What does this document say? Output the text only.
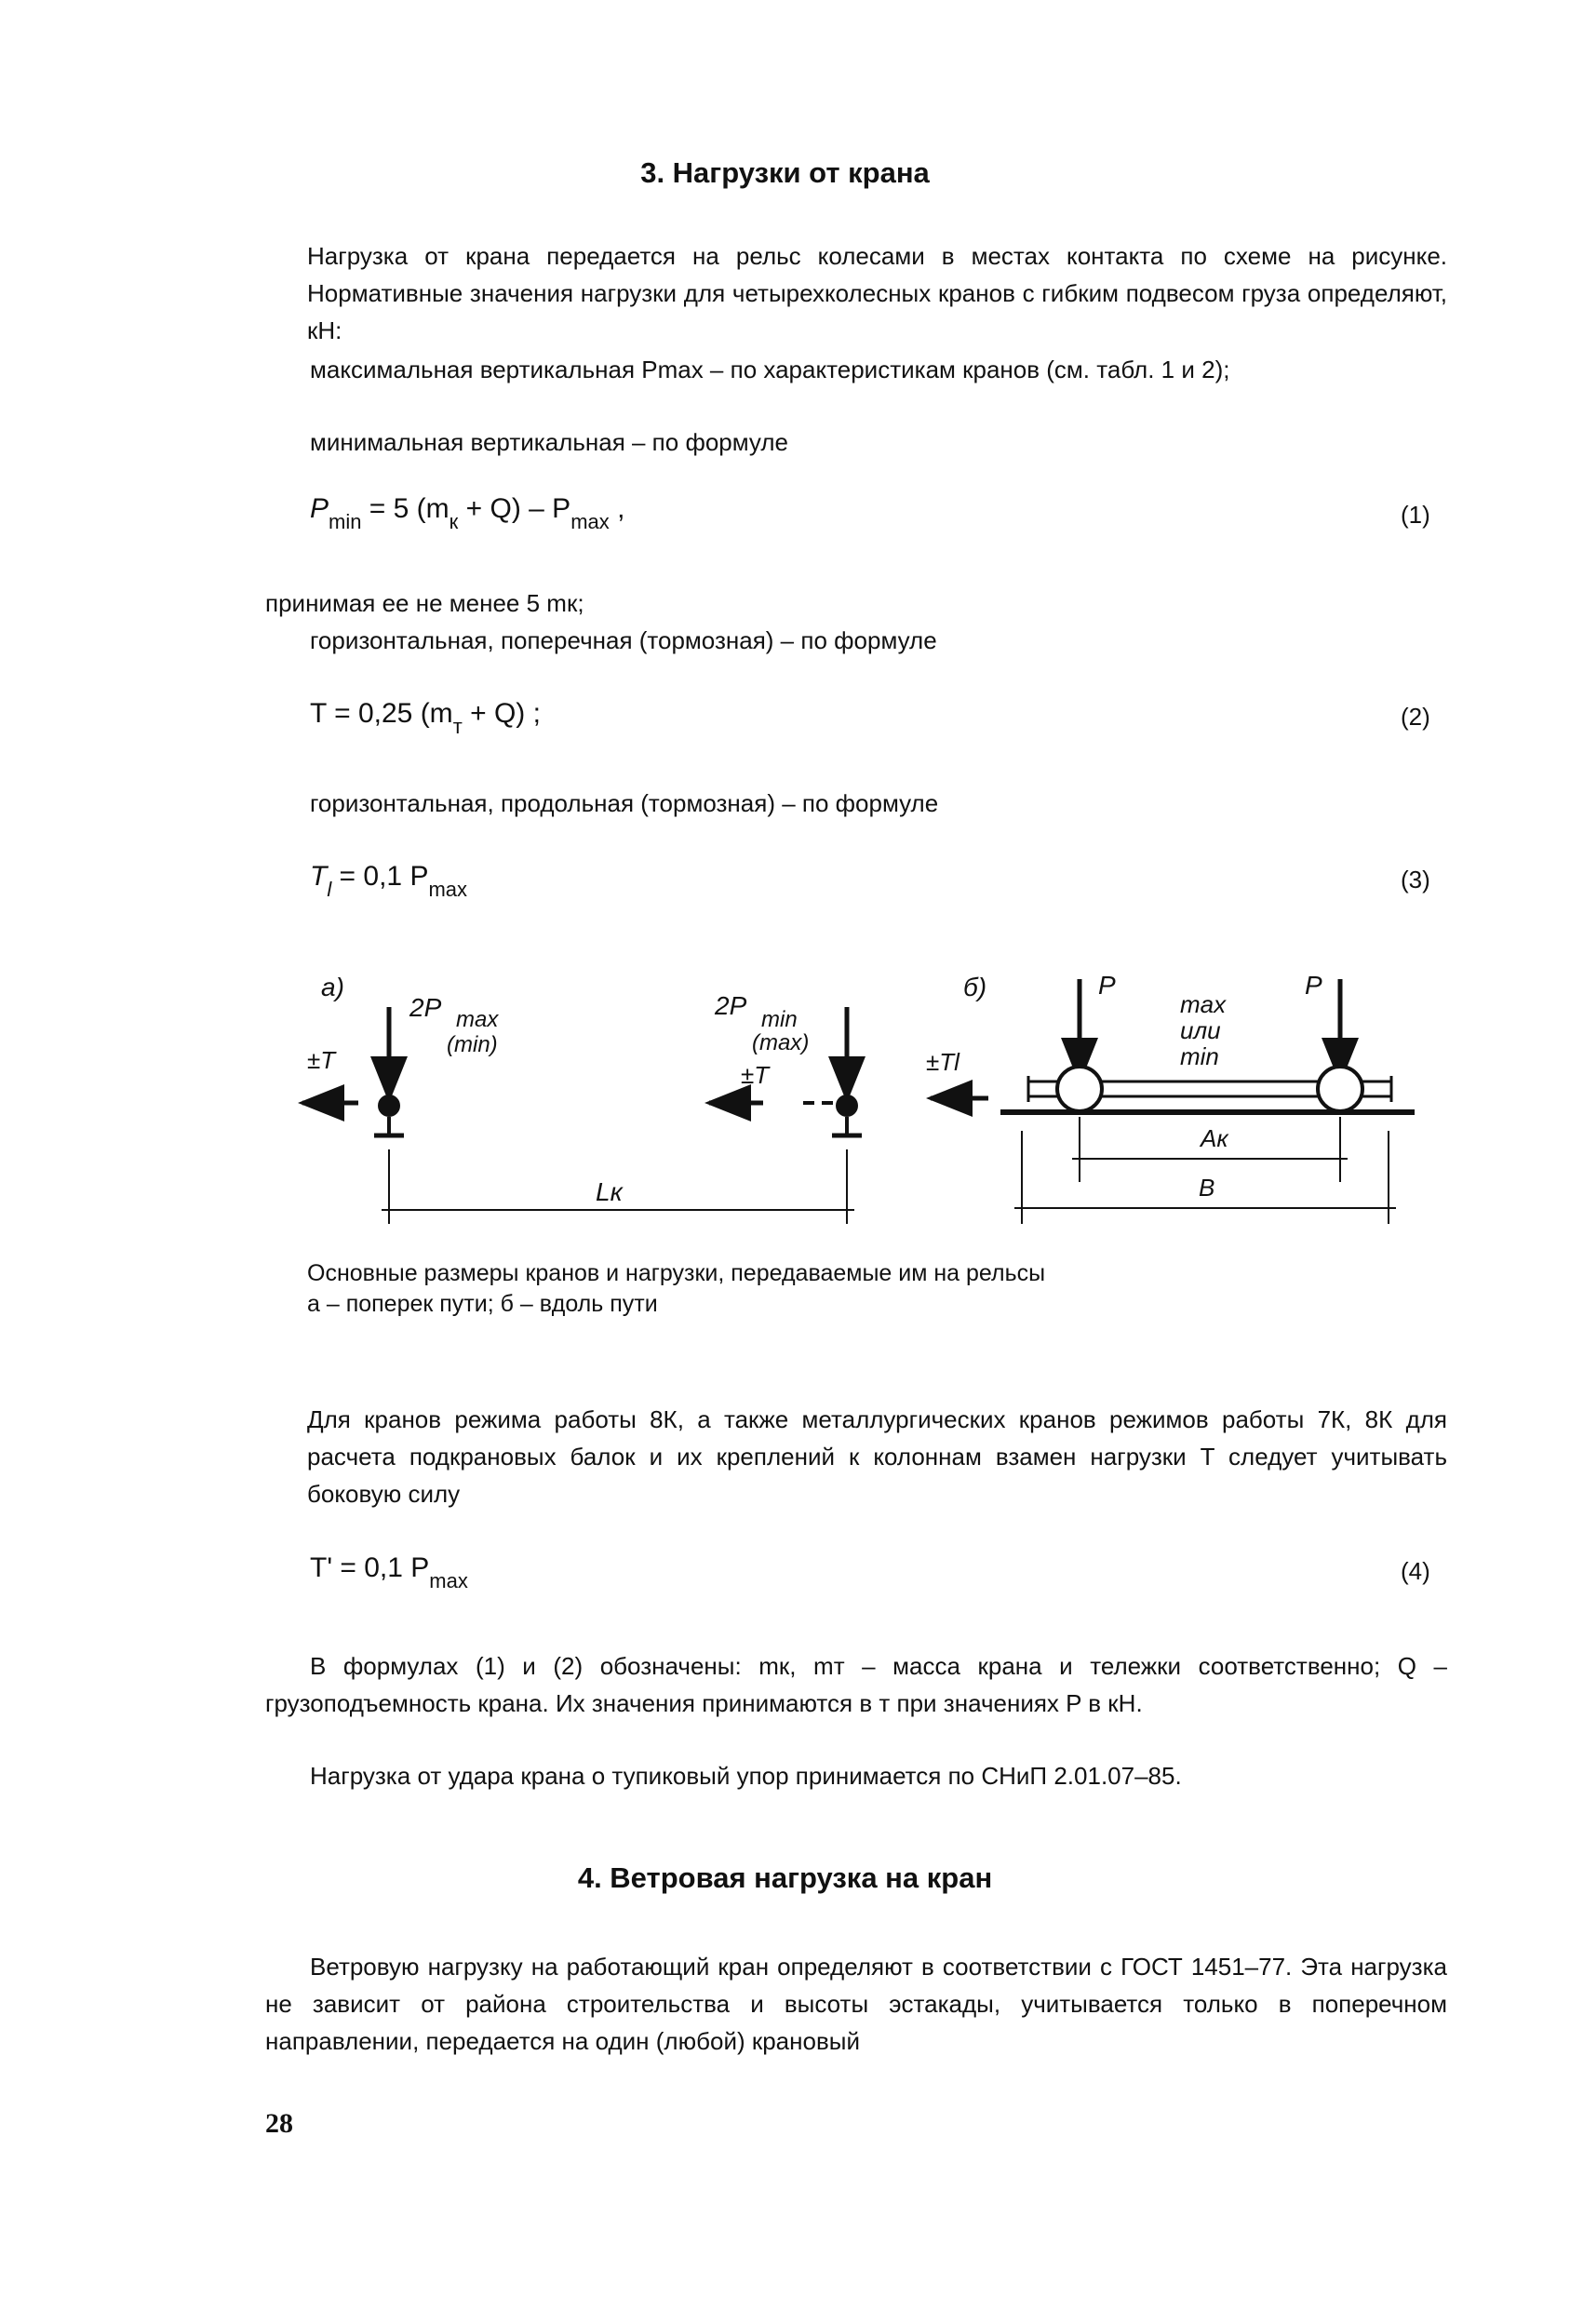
3. Нагрузки от крана
Нагрузка от крана передается на рельс колесами в местах контакта по схеме на рисунке. Нормативные значения нагрузки для четырехколесных кранов с гибким подвесом груза определяют, кН:
максимальная вертикальная Pmax – по характеристикам кранов (см. табл. 1 и 2);
минимальная вертикальная – по формуле
$P_{min} = 5$ $(m_к + Q) - P_{max}$ ,	(1)
принимая ее не менее 5 mк;
горизонтальная, поперечная (тормозная) – по формуле
T = 0,25 $(m_т + Q)$ ;	(2)
горизонтальная, продольная (тормозная) – по формуле
$T_l = 0,1$ $P_{max}$	(3)
а)
2P max
(min)
±T
2P min
(max)
±T
Lк
б)
±Tl
P	P
max
или
min
Aк
B
Основные размеры кранов и нагрузки, передаваемые им на рельсы
а – поперек пути; б – вдоль пути
Для кранов режима работы 8К, а также металлургических кранов режимов работы 7К, 8К для расчета подкрановых балок и их креплений к колоннам взамен нагрузки T следует учитывать боковую силу
T' = 0,1 $P_{max}$	(4)
В формулах (1) и (2) обозначены: mк, mт – масса крана и тележки соответственно; Q – грузоподъемность крана. Их значения принимаются в т при значениях P в кН.
Нагрузка от удара крана о тупиковый упор принимается по СНиП 2.01.07–85.
4. Ветровая нагрузка на кран
Ветровую нагрузку на работающий кран определяют в соответствии с ГОСТ 1451–77. Эта нагрузка не зависит от района строительства и высоты эстакады, учитывается только в поперечном направлении, передается на один (любой) крановый
28
